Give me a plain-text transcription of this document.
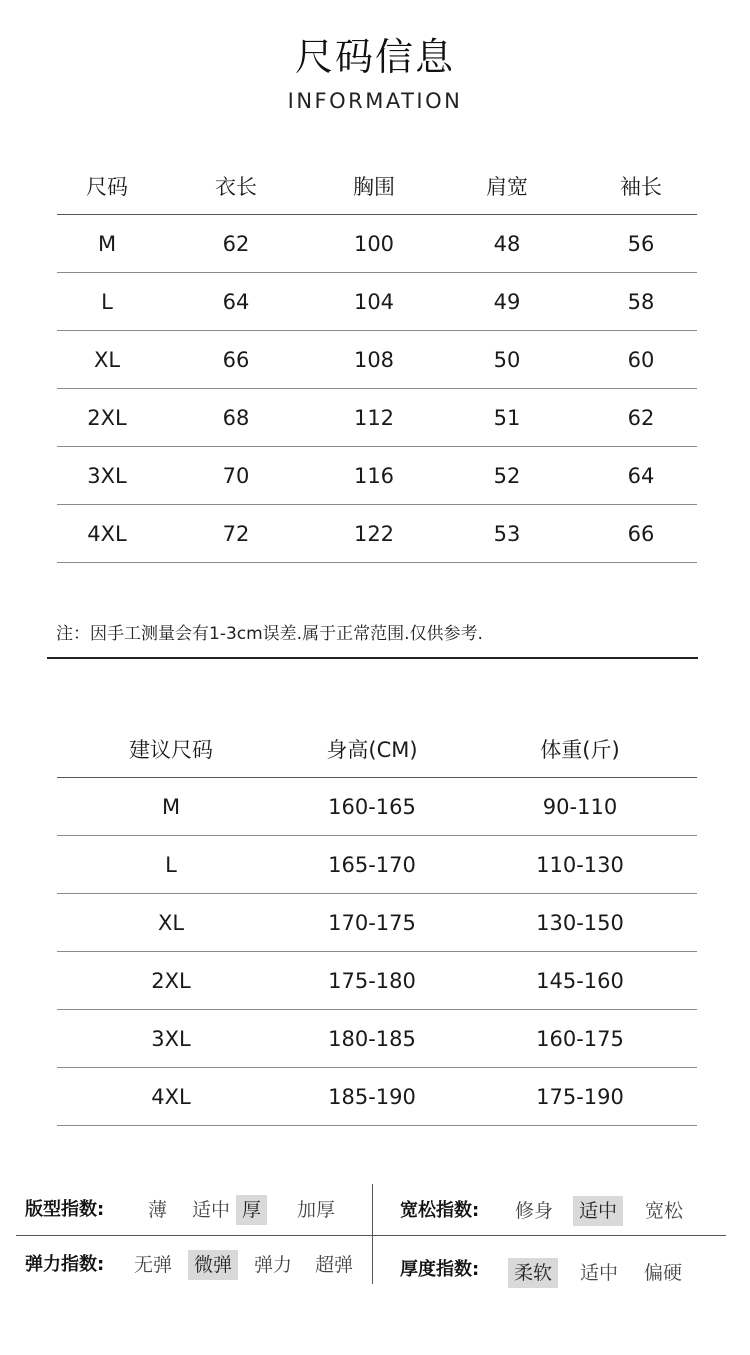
尺码信息
INFORMATION
尺码	衣长	胸围	肩宽	袖长
M	62	100	48	56
L	64	104	49	58
XL	66	108	50	60
2XL	68	112	51	62
3XL	70	116	52	64
4XL	72	122	53	66
注：因手工测量会有1-3cm误差.属于正常范围.仅供参考.
建议尺码	身高(CM)	体重(斤)
M	160-165	90-110
L	165-170	110-130
XL	170-175	130-150
2XL	175-180	145-160
3XL	180-185	160-175
4XL	185-190	175-190
版型指数:	宽松指数:
弹力指数:	厚度指数:
薄	适中 厚	加厚	修身	适中	宽松
无弹	微弹	弹力	超弹	柔软	适中	偏硬
